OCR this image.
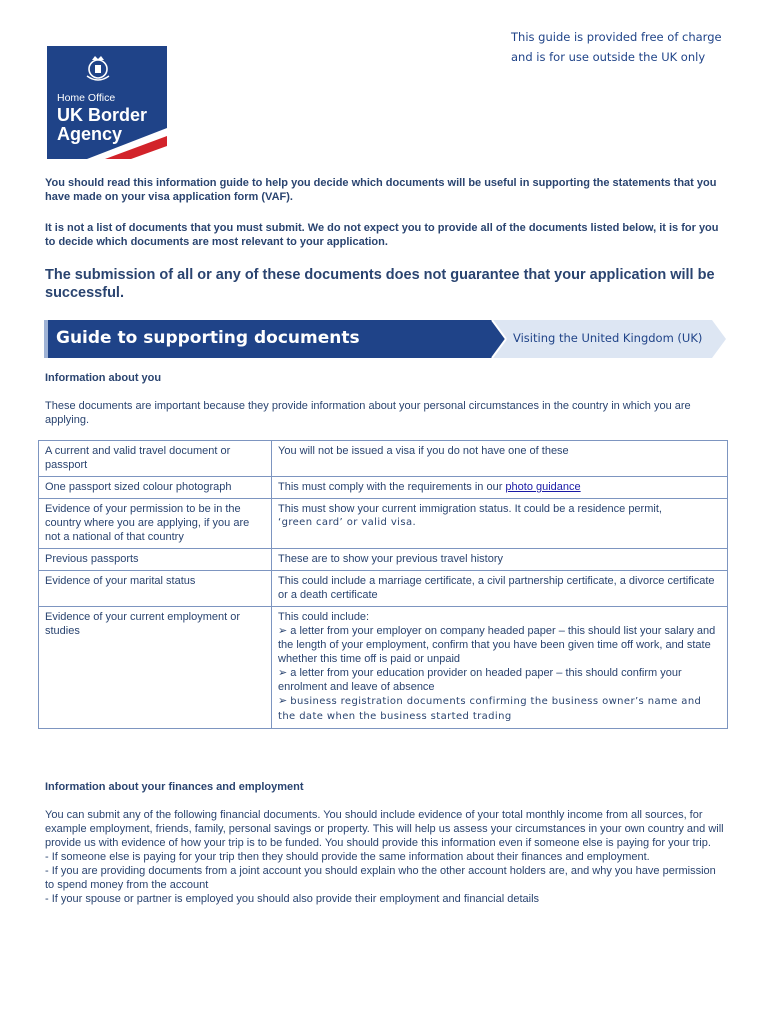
Home Office
UK Border
Agency
This guide is provided free of charge
and is for use outside the UK only
You should read this information guide to help you decide which documents will be useful in supporting the statements that you have made on your visa application form (VAF).
It is not a list of documents that you must submit. We do not expect you to provide all of the documents listed below, it is for you to decide which documents are most relevant to your application.
The submission of all or any of these documents does not guarantee that your application will be successful.
Guide to supporting documents	Visiting the United Kingdom (UK)
Information about you
These documents are important because they provide information about your personal circumstances in the country in which you are applying.
A current and valid travel document or passport	You will not be issued a visa if you do not have one of these
One passport sized colour photograph	This must comply with the requirements in our photo guidance
Evidence of your permission to be in the country where you are applying, if you are not a national of that country	This must show your current immigration status. It could be a residence permit,
‘green card’ or valid visa.

Previous passports	These are to show your previous travel history
Evidence of your marital status	This could include a marriage certificate, a civil partnership certificate, a divorce certificate or a death certificate
Evidence of your current employment or studies	This could include:
➢ a letter from your employer on company headed paper – this should list your salary and the length of your employment, confirm that you have been given time off work, and state whether this time off is paid or unpaid
➢ a letter from your education provider on headed paper – this should confirm your enrolment and leave of absence
➢ business registration documents confirming the business owner’s name and the date when the business started trading
Information about your finances and employment
You can submit any of the following financial documents. You should include evidence of your total monthly income from all sources, for example employment, friends, family, personal savings or property. This will help us assess your circumstances in your own country and will provide us with evidence of how your trip is to be funded. You should provide this information even if someone else is paying for your trip.
- If someone else is paying for your trip then they should provide the same information about their finances and employment.
- If you are providing documents from a joint account you should explain who the other account holders are, and why you have permission to spend money from the account
- If your spouse or partner is employed you should also provide their employment and financial details
